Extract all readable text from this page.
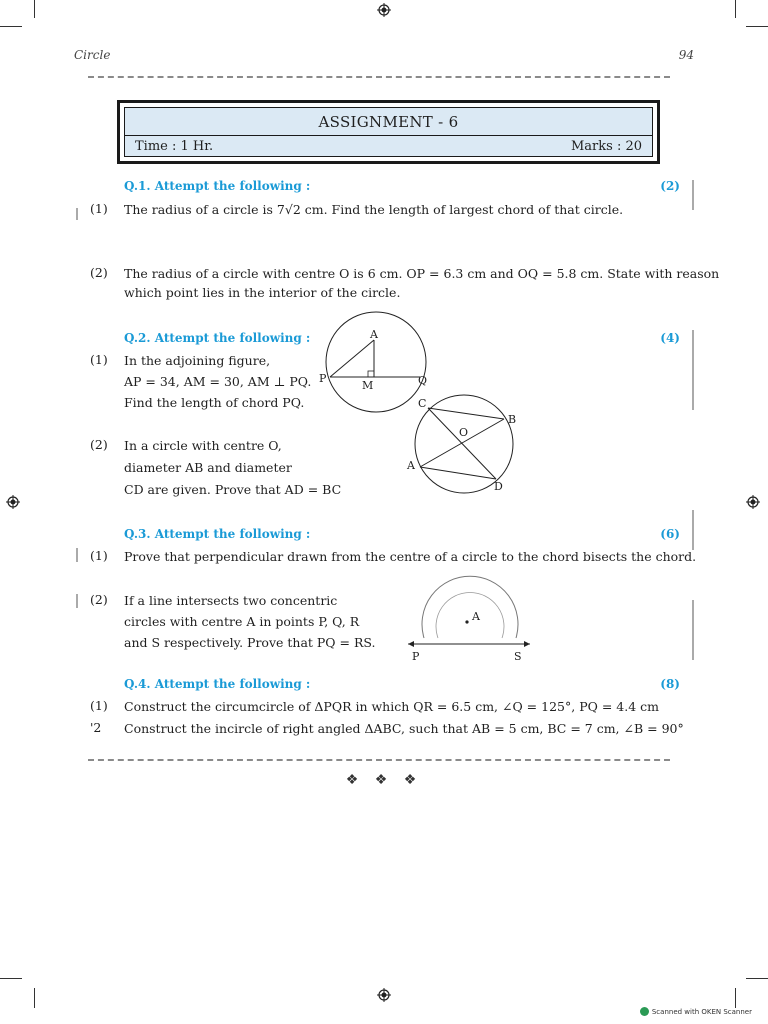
Circle	94
ASSIGNMENT - 6
Time : 1 Hr.	Marks : 20
Q.1. Attempt the following :	(2)
(1) The radius of a circle is 7√2 cm. Find the length of largest chord of that circle.
(2) The radius of a circle with centre O is 6 cm. OP = 6.3 cm and OQ = 5.8 cm. State with reason
which point lies in the interior of the circle.
Q.2. Attempt the following :	(4)
(1) In the adjoining figure,
AP = 34, AM = 30, AM ⊥ PQ.
Find the length of chord PQ.
(2) In a circle with centre O,
diameter AB and diameter
CD are given. Prove that AD = BC
A
P
M	Q
C
B
O
A
D
Q.3. Attempt the following :	(6)
(1) Prove that perpendicular drawn from the centre of a circle to the chord bisects the chord.
(2) If a line intersects two concentric
circles with centre A in points P, Q, R
and S respectively. Prove that PQ = RS.
A
P	S
Q.4. Attempt the following :	(8)
(1) Construct the circumcircle of ΔPQR in which QR = 6.5 cm, ∠Q = 125°, PQ = 4.4 cm
'2 Construct the incircle of right angled ΔABC, such that AB = 5 cm, BC = 7 cm, ∠B = 90°
❖ ❖ ❖
Scanned with OKEN Scanner
